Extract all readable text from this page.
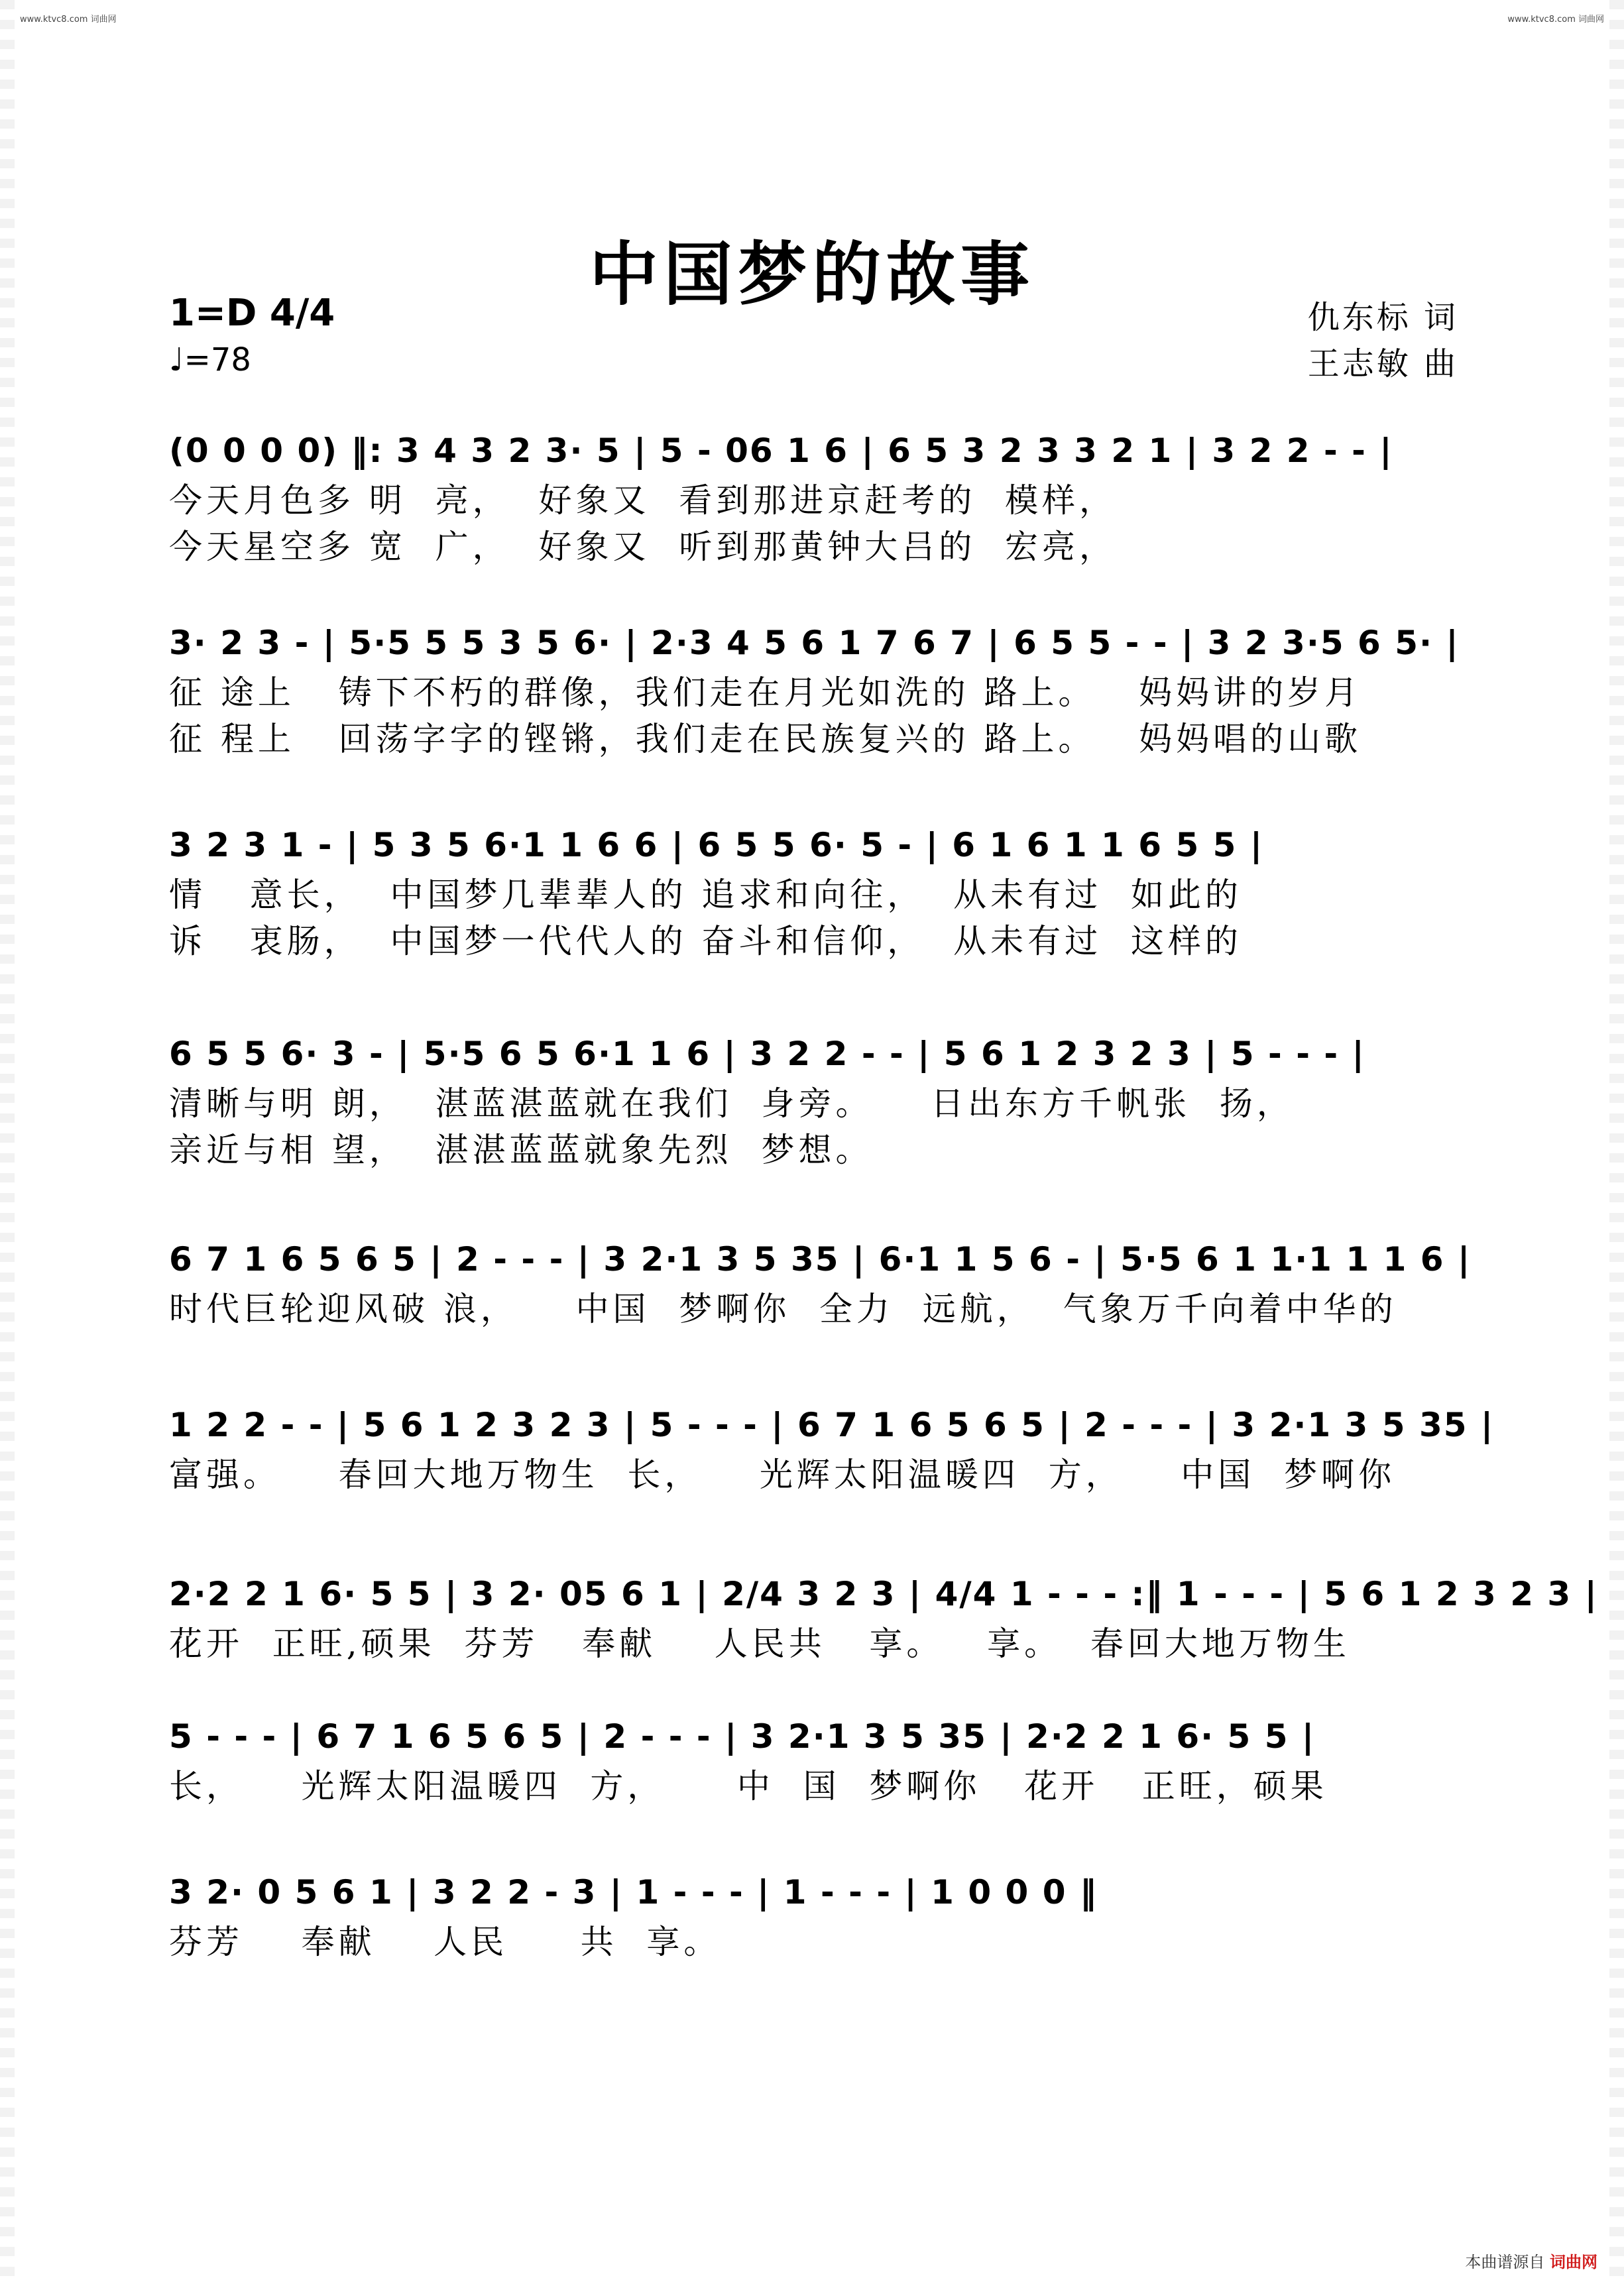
www.ktvc8.com 词曲网	www.ktvc8.com 词曲网
中国梦的故事
1=D 4/4
♩=78
仇东标 词
王志敏 曲
(0 0 0 0) ‖: 3 4 3 2 3· 5 | 5 - 06 1 6 | 6 5 3 2 3 3 2 1 | 3 2 2 - - |
今天月色多 明  亮，  好象又  看到那进京赶考的  模样，
今天星空多 宽  广，  好象又  听到那黄钟大吕的  宏亮，
3· 2 3 - | 5·5 5 5 3 5 6· | 2·3 4 5 6 1 7 6 7 | 6 5 5 - - | 3 2 3·5 6 5· |
征 途上   铸下不朽的群像，我们走在月光如洗的 路上。   妈妈讲的岁月
征 程上   回荡字字的铿锵，我们走在民族复兴的 路上。   妈妈唱的山歌
3 2 3 1 - | 5 3 5 6·1 1 6 6 | 6 5 5 6· 5 - | 6 1 6 1 1 6 5 5 |
情   意长，  中国梦几辈辈人的 追求和向往，  从未有过  如此的
诉   衷肠，  中国梦一代代人的 奋斗和信仰，  从未有过  这样的
6 5 5 6· 3 - | 5·5 6 5 6·1 1 6 | 3 2 2 - - | 5 6 1 2 3 2 3 | 5 - - - |
清晰与明 朗，  湛蓝湛蓝就在我们  身旁。    日出东方千帆张  扬，
亲近与相 望，  湛湛蓝蓝就象先烈  梦想。
6 7 1 6 5 6 5 | 2 - - - | 3 2·1 3 5 35 | 6·1 1 5 6 - | 5·5 6 1 1·1 1 1 6 |
时代巨轮迎风破 浪，    中国  梦啊你  全力  远航，  气象万千向着中华的
1 2 2 - - | 5 6 1 2 3 2 3 | 5 - - - | 6 7 1 6 5 6 5 | 2 - - - | 3 2·1 3 5 35 |
富强。    春回大地万物生  长，    光辉太阳温暖四  方，    中国  梦啊你
2·2 2 1 6· 5 5 | 3 2· 05 6 1 | 2/4 3 2 3 | 4/4 1 - - - :‖ 1 - - - | 5 6 1 2 3 2 3 |
花开  正旺,硕果  芬芳   奉献    人民共   享。   享。  春回大地万物生
5 - - - | 6 7 1 6 5 6 5 | 2 - - - | 3 2·1 3 5 35 | 2·2 2 1 6· 5 5 |
长，    光辉太阳温暖四  方，     中  国  梦啊你   花开   正旺，硕果
3 2· 0 5 6 1 | 3 2 2 - 3 | 1 - - - | 1 - - - | 1 0 0 0 ‖
芬芳    奉献    人民     共  享。
本曲谱源自 词曲网
